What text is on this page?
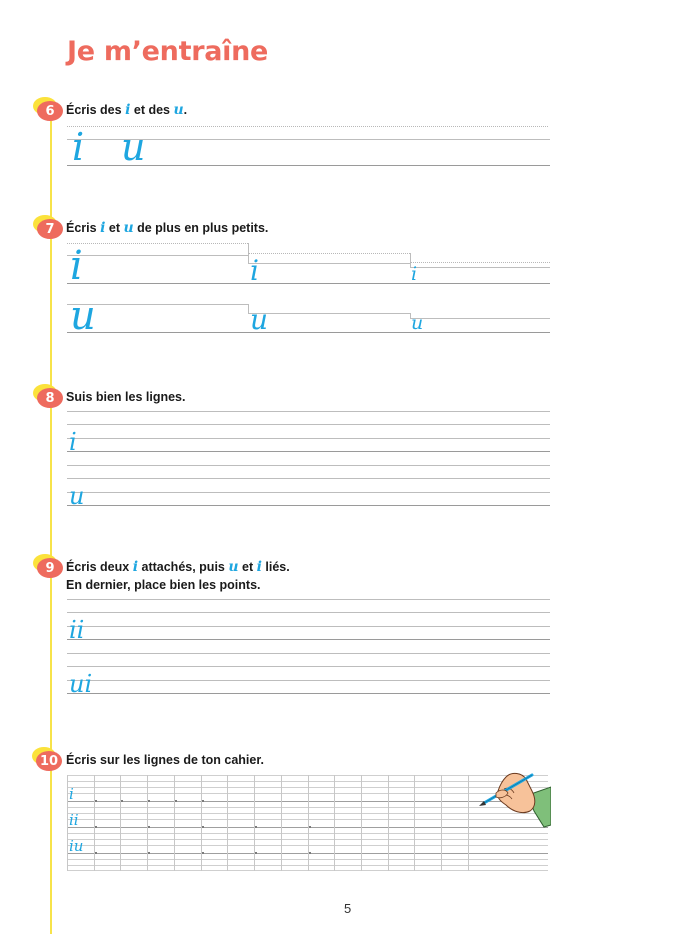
Je m’entraîne
6 Écris des i et des u.
i u
7 Écris i et u de plus en plus petits.
i	i	i
u	u	u
8 Suis bien les lignes.
i
u
9 Écris deux i attachés, puis u et i liés.
En dernier, place bien les points.
ii
ui
10 Écris sur les lignes de ton cahier.
i
ii
iu
5
